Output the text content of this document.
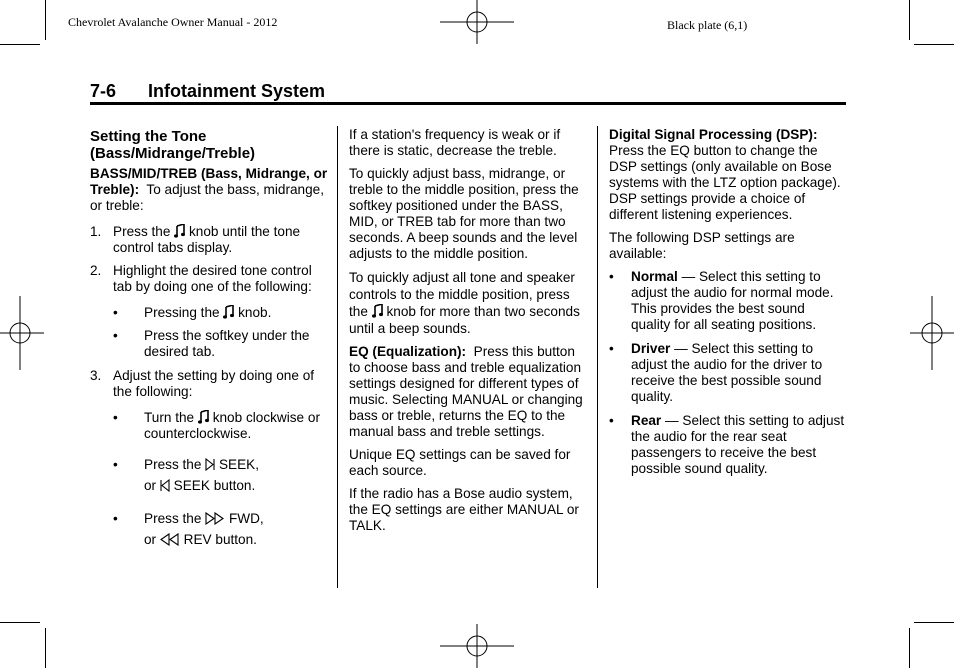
Chevrolet Avalanche Owner Manual - 2012	Black plate (6,1)
7-6 Infotainment System
Setting the Tone (Bass/Midrange/Treble)

BASS/MID/TREB (Bass, Midrange, or Treble): To adjust the bass, midrange, or treble:

1. Press the knob until the tone control tabs display.
2. Highlight the desired tone control tab by doing one of the following:
• Pressing the knob.
• Press the softkey under the desired tab.
3. Adjust the setting by doing one of the following:
• Turn the knob clockwise or counterclockwise.
• Press the SEEK,
or SEEK button.
• Press the FWD,
or REV button.

If a station's frequency is weak or if there is static, decrease the treble.

To quickly adjust bass, midrange, or treble to the middle position, press the softkey positioned under the BASS, MID, or TREB tab for more than two seconds. A beep sounds and the level adjusts to the middle position.

To quickly adjust all tone and speaker controls to the middle position, press the knob for more than two seconds until a beep sounds.

EQ (Equalization): Press this button to choose bass and treble equalization settings designed for different types of music. Selecting MANUAL or changing bass or treble, returns the EQ to the manual bass and treble settings.

Unique EQ settings can be saved for each source.

If the radio has a Bose audio system, the EQ settings are either MANUAL or TALK.

Digital Signal Processing (DSP): Press the EQ button to change the DSP settings (only available on Bose systems with the LTZ option package). DSP settings provide a choice of different listening experiences.

The following DSP settings are available:

• Normal — Select this setting to adjust the audio for normal mode. This provides the best sound quality for all seating positions.
• Driver — Select this setting to adjust the audio for the driver to receive the best possible sound quality.
• Rear — Select this setting to adjust the audio for the rear seat passengers to receive the best possible sound quality.
